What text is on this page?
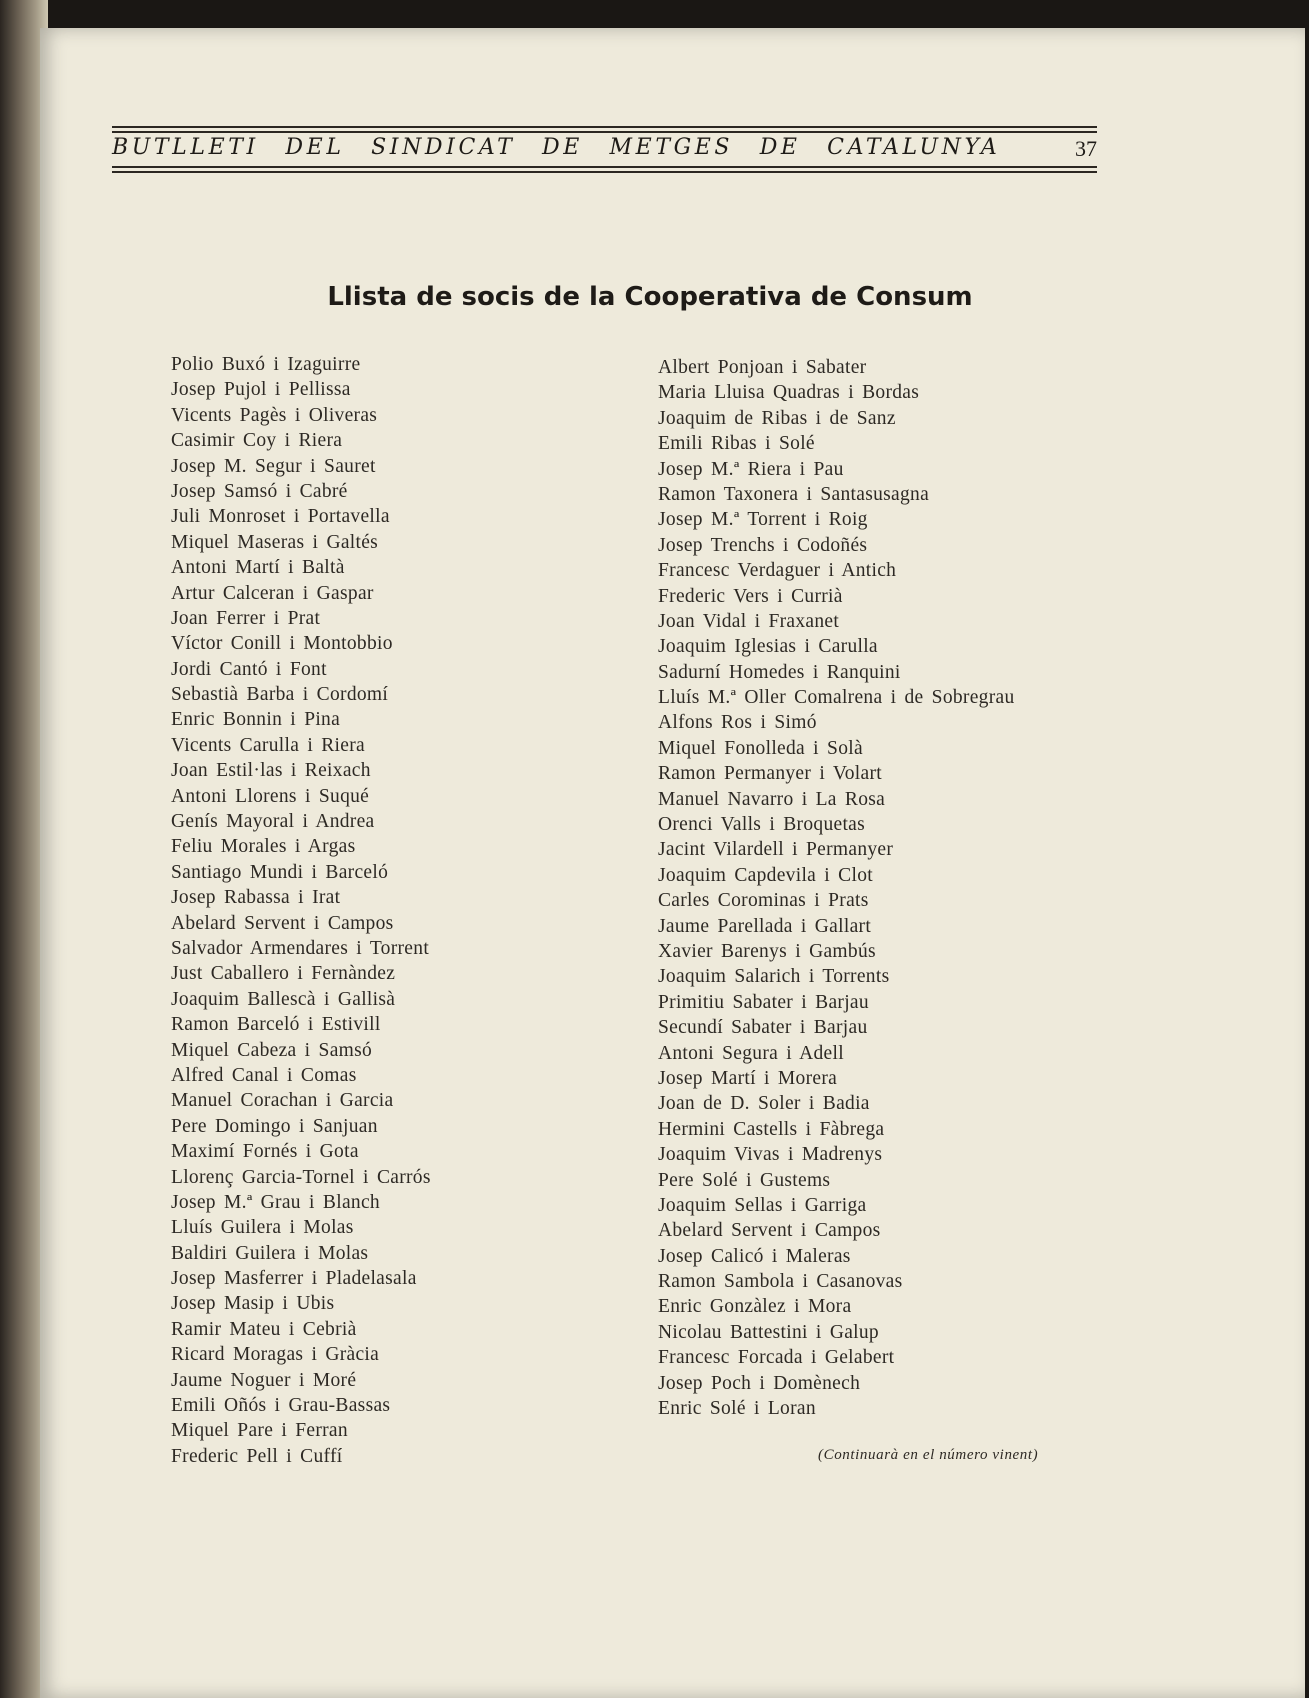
BUTLLETI DEL SINDICAT DE METGES DE CATALUNYA	37
Llista de socis de la Cooperativa de Consum
Polio Buxó i Izaguirre
Josep Pujol i Pellissa
Vicents Pagès i Oliveras
Casimir Coy i Riera
Josep M. Segur i Sauret
Josep Samsó i Cabré
Juli Monroset i Portavella
Miquel Maseras i Galtés
Antoni Martí i Baltà
Artur Calceran i Gaspar
Joan Ferrer i Prat
Víctor Conill i Montobbio
Jordi Cantó i Font
Sebastià Barba i Cordomí
Enric Bonnin i Pina
Vicents Carulla i Riera
Joan Estil·las i Reixach
Antoni Llorens i Suqué
Genís Mayoral i Andrea
Feliu Morales i Argas
Santiago Mundi i Barceló
Josep Rabassa i Irat
Abelard Servent i Campos
Salvador Armendares i Torrent
Just Caballero i Fernàndez
Joaquim Ballescà i Gallisà
Ramon Barceló i Estivill
Miquel Cabeza i Samsó
Alfred Canal i Comas
Manuel Corachan i Garcia
Pere Domingo i Sanjuan
Maximí Fornés i Gota
Llorenç Garcia-Tornel i Carrós
Josep M.ª Grau i Blanch
Lluís Guilera i Molas
Baldiri Guilera i Molas
Josep Masferrer i Pladelasala
Josep Masip i Ubis
Ramir Mateu i Cebrià
Ricard Moragas i Gràcia
Jaume Noguer i Moré
Emili Oñós i Grau-Bassas
Miquel Pare i Ferran
Frederic Pell i Cuffí
Albert Ponjoan i Sabater
Maria Lluisa Quadras i Bordas
Joaquim de Ribas i de Sanz
Emili Ribas i Solé
Josep M.ª Riera i Pau
Ramon Taxonera i Santasusagna
Josep M.ª Torrent i Roig
Josep Trenchs i Codoñés
Francesc Verdaguer i Antich
Frederic Vers i Currià
Joan Vidal i Fraxanet
Joaquim Iglesias i Carulla
Sadurní Homedes i Ranquini
Lluís M.ª Oller Comalrena i de Sobregrau
Alfons Ros i Simó
Miquel Fonolleda i Solà
Ramon Permanyer i Volart
Manuel Navarro i La Rosa
Orenci Valls i Broquetas
Jacint Vilardell i Permanyer
Joaquim Capdevila i Clot
Carles Corominas i Prats
Jaume Parellada i Gallart
Xavier Barenys i Gambús
Joaquim Salarich i Torrents
Primitiu Sabater i Barjau
Secundí Sabater i Barjau
Antoni Segura i Adell
Josep Martí i Morera
Joan de D. Soler i Badia
Hermini Castells i Fàbrega
Joaquim Vivas i Madrenys
Pere Solé i Gustems
Joaquim Sellas i Garriga
Abelard Servent i Campos
Josep Calicó i Maleras
Ramon Sambola i Casanovas
Enric Gonzàlez i Mora
Nicolau Battestini i Galup
Francesc Forcada i Gelabert
Josep Poch i Domènech
Enric Solé i Loran
(Continuarà en el número vinent)
